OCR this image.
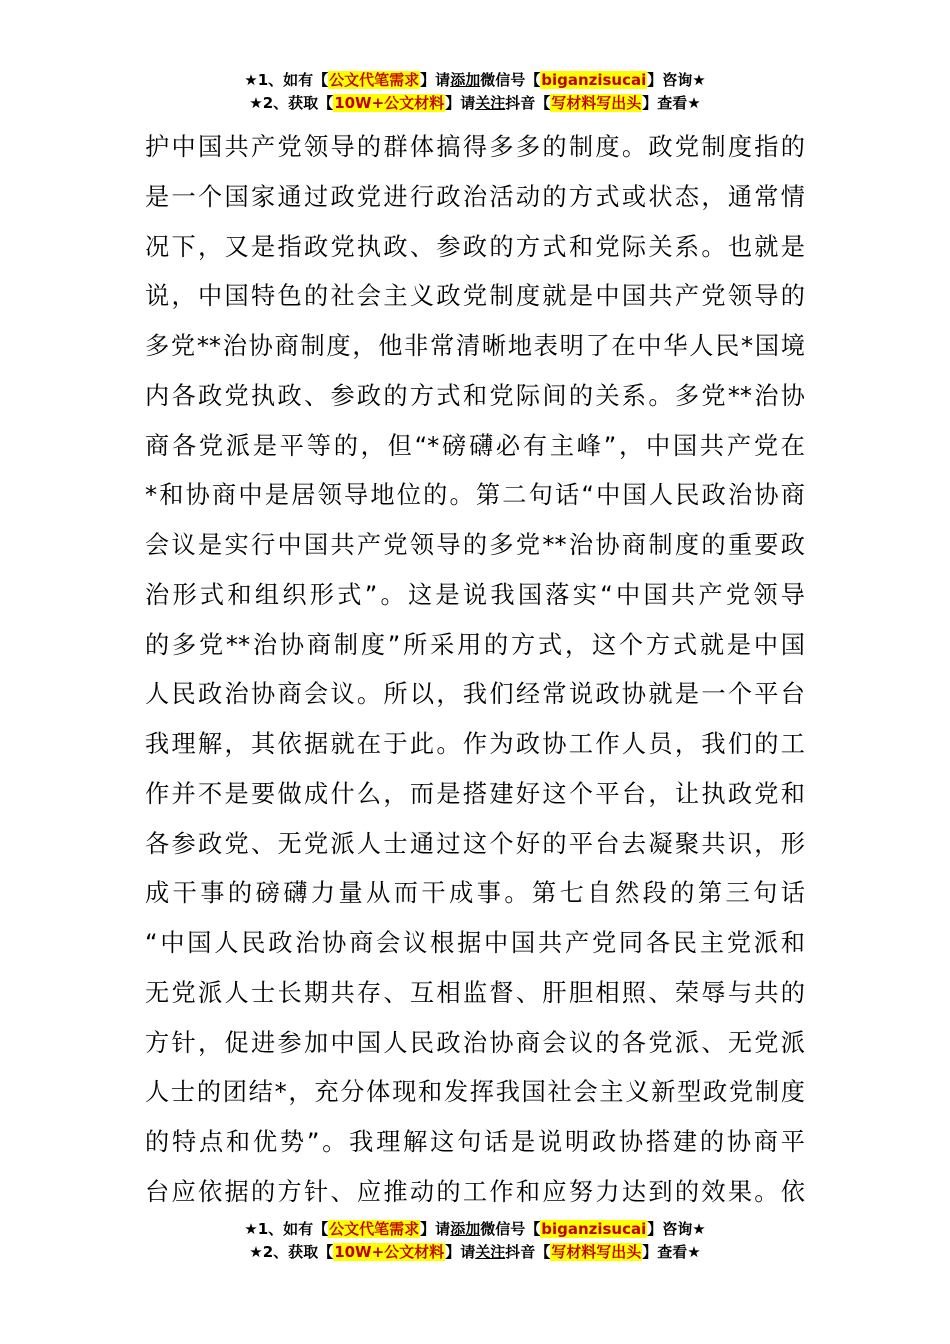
★1、如有【公文代笔需求】请添加微信号【biganzisucai】咨询★
★2、获取【10W+公文材料】请关注抖音【写材料写出头】查看★
护中国共产党领导的群体搞得多多的制度。政党制度指的
是一个国家通过政党进行政治活动的方式或状态，通常情
况下，又是指政党执政、参政的方式和党际关系。也就是
说，中国特色的社会主义政党制度就是中国共产党领导的
多党**治协商制度，他非常清晰地表明了在中华人民*国境
内各政党执政、参政的方式和党际间的关系。多党**治协
商各党派是平等的，但“*磅礴必有主峰”，中国共产党在
*和协商中是居领导地位的。第二句话“中国人民政治协商
会议是实行中国共产党领导的多党**治协商制度的重要政
治形式和组织形式”。这是说我国落实“中国共产党领导
的多党**治协商制度”所采用的方式，这个方式就是中国
人民政治协商会议。所以，我们经常说政协就是一个平台
我理解，其依据就在于此。作为政协工作人员，我们的工
作并不是要做成什么，而是搭建好这个平台，让执政党和
各参政党、无党派人士通过这个好的平台去凝聚共识，形
成干事的磅礴力量从而干成事。第七自然段的第三句话
“中国人民政治协商会议根据中国共产党同各民主党派和
无党派人士长期共存、互相监督、肝胆相照、荣辱与共的
方针，促进参加中国人民政治协商会议的各党派、无党派
人士的团结*，充分体现和发挥我国社会主义新型政党制度
的特点和优势”。我理解这句话是说明政协搭建的协商平
台应依据的方针、应推动的工作和应努力达到的效果。依
★1、如有【公文代笔需求】请添加微信号【biganzisucai】咨询★
★2、获取【10W+公文材料】请关注抖音【写材料写出头】查看★
